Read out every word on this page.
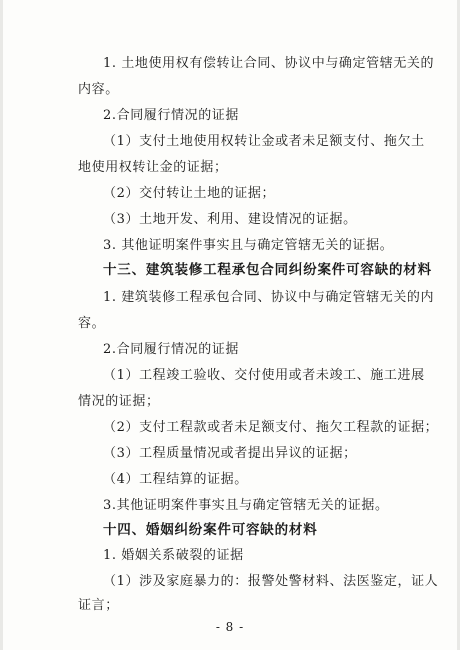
1. 土地使用权有偿转让合同、协议中与确定管辖无关的
内容。
2.合同履行情况的证据
（1）支付土地使用权转让金或者未足额支付、拖欠土
地使用权转让金的证据；
（2）交付转让土地的证据；
（3）土地开发、利用、建设情况的证据。
3. 其他证明案件事实且与确定管辖无关的证据。
十三、建筑装修工程承包合同纠纷案件可容缺的材料
1. 建筑装修工程承包合同、协议中与确定管辖无关的内
容。
2.合同履行情况的证据
（1）工程竣工验收、交付使用或者未竣工、施工进展
情况的证据；
（2）支付工程款或者未足额支付、拖欠工程款的证据；
（3）工程质量情况或者提出异议的证据；
（4）工程结算的证据。
3.其他证明案件事实且与确定管辖无关的证据。
十四、婚姻纠纷案件可容缺的材料
1. 婚姻关系破裂的证据
（1）涉及家庭暴力的：报警处警材料、法医鉴定，证人
证言；
- 8 -
